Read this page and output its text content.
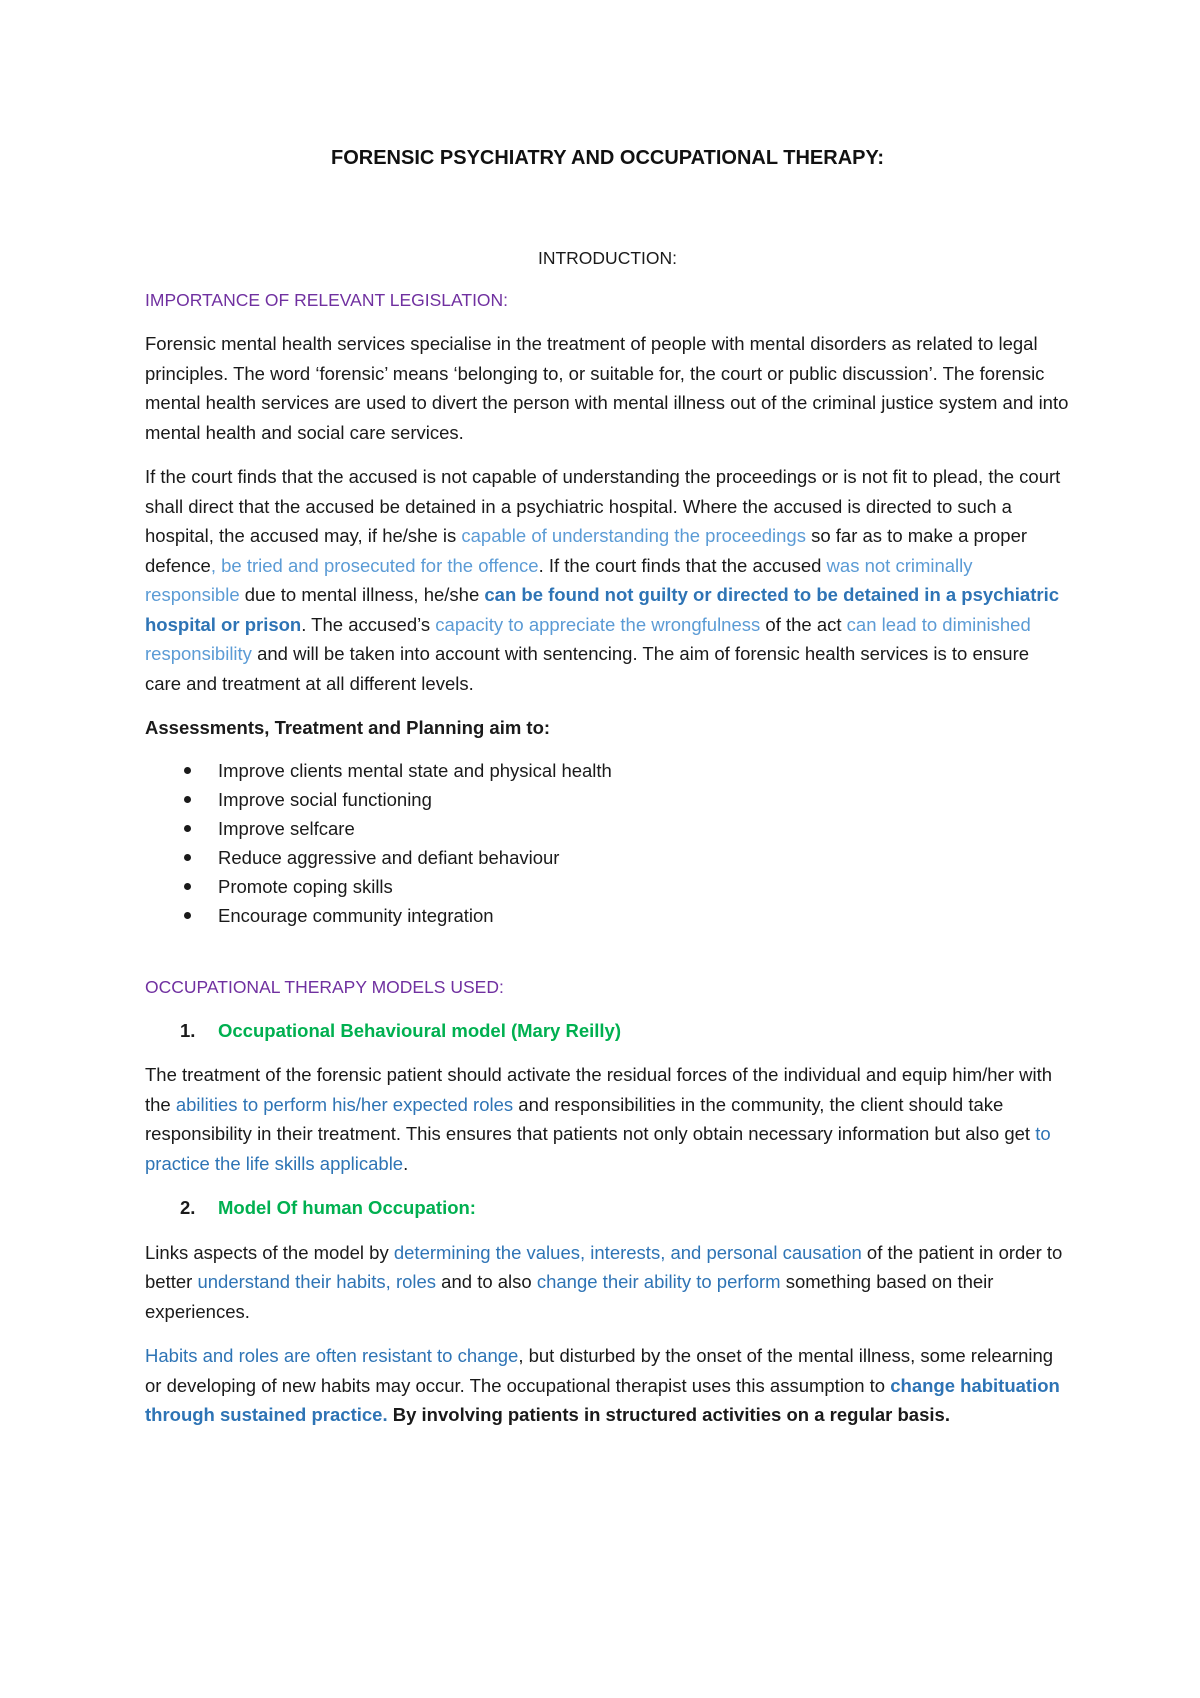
FORENSIC PSYCHIATRY AND OCCUPATIONAL THERAPY:

INTRODUCTION:

IMPORTANCE OF RELEVANT LEGISLATION:

Forensic mental health services specialise in the treatment of people with mental disorders as related to legal principles. The word ‘forensic’ means ‘belonging to, or suitable for, the court or public discussion’. The forensic mental health services are used to divert the person with mental illness out of the criminal justice system and into mental health and social care services.

If the court finds that the accused is not capable of understanding the proceedings or is not fit to plead, the court shall direct that the accused be detained in a psychiatric hospital. Where the accused is directed to such a hospital, the accused may, if he/she is capable of understanding the proceedings so far as to make a proper defence, be tried and prosecuted for the offence. If the court finds that the accused was not criminally responsible due to mental illness, he/she can be found not guilty or directed to be detained in a psychiatric hospital or prison. The accused’s capacity to appreciate the wrongfulness of the act can lead to diminished responsibility and will be taken into account with sentencing. The aim of forensic health services is to ensure care and treatment at all different levels.

Assessments, Treatment and Planning aim to:

Improve clients mental state and physical health
Improve social functioning
Improve selfcare
Reduce aggressive and defiant behaviour
Promote coping skills
Encourage community integration

OCCUPATIONAL THERAPY MODELS USED:

1. Occupational Behavioural model (Mary Reilly)

The treatment of the forensic patient should activate the residual forces of the individual and equip him/her with the abilities to perform his/her expected roles and responsibilities in the community, the client should take responsibility in their treatment. This ensures that patients not only obtain necessary information but also get to practice the life skills applicable.

2. Model Of human Occupation:

Links aspects of the model by determining the values, interests, and personal causation of the patient in order to better understand their habits, roles and to also change their ability to perform something based on their experiences.

Habits and roles are often resistant to change, but disturbed by the onset of the mental illness, some relearning or developing of new habits may occur. The occupational therapist uses this assumption to change habituation through sustained practice. By involving patients in structured activities on a regular basis.
